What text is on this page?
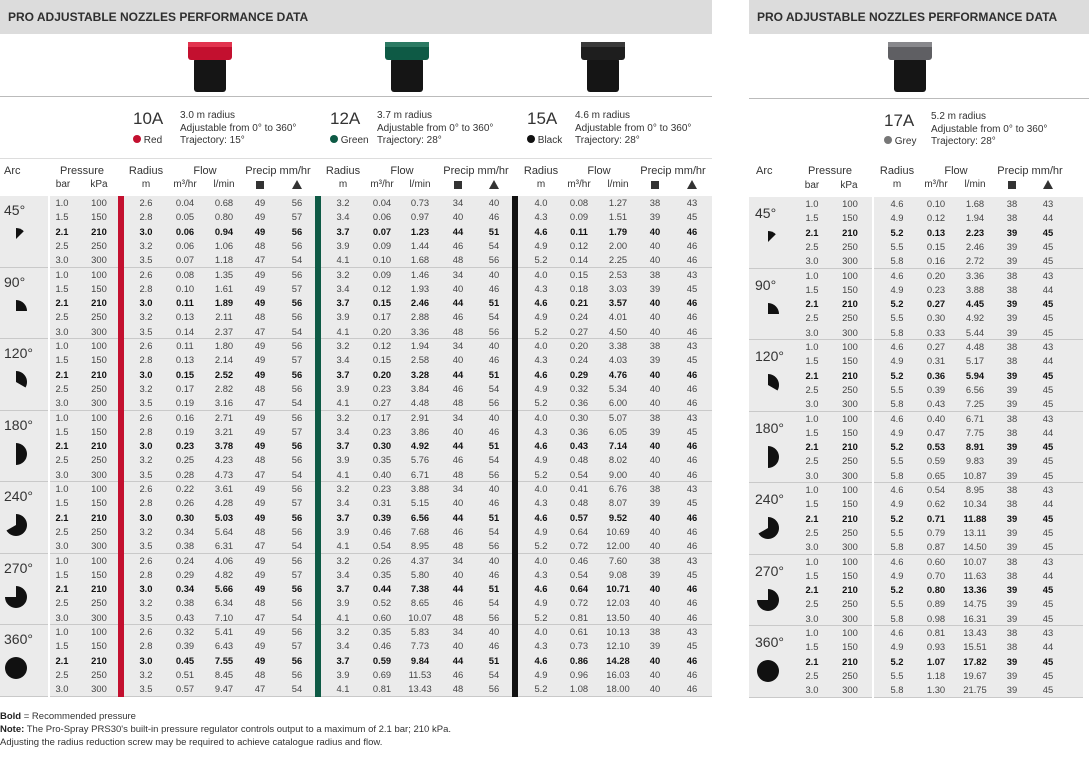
PRO ADJUSTABLE NOZZLES PERFORMANCE DATA	PRO ADJUSTABLE NOZZLES PERFORMANCE DATA
10A
Red
3.0 m radius
Adjustable from 0° to 360°
Trajectory: 15°
12A
Green
3.7 m radius
Adjustable from 0° to 360°
Trajectory: 28°
15A
Black
4.6 m radius
Adjustable from 0° to 360°
Trajectory: 28°
17A
Grey
5.2 m radius
Adjustable from 0° to 360°
Trajectory: 28°
Arc	Pressure
bar	kPa
Radius	Flow	Precip mm/hr
m	m³/hr	l/min
Radius	Flow	Precip mm/hr
m	m³/hr	l/min
Radius	Flow	Precip mm/hr
m	m³/hr	l/min
Radius	Flow	Precip mm/hr
m	m³/hr	l/min
Arc	Pressure
bar	kPa
45°	1.0	100	2.6	0.04	0.68	49	56	3.2	0.04	0.73	34	40	4.0	0.08	1.27	38	43
1.5	150	2.8	0.05	0.80	49	57	3.4	0.06	0.97	40	46	4.3	0.09	1.51	39	45
2.1	210	3.0	0.06	0.94	49	56	3.7	0.07	1.23	44	51	4.6	0.11	1.79	40	46
2.5	250	3.2	0.06	1.06	48	56	3.9	0.09	1.44	46	54	4.9	0.12	2.00	40	46
3.0	300	3.5	0.07	1.18	47	54	4.1	0.10	1.68	48	56	5.2	0.14	2.25	40	46
90°	1.0	100	2.6	0.08	1.35	49	56	3.2	0.09	1.46	34	40	4.0	0.15	2.53	38	43
1.5	150	2.8	0.10	1.61	49	57	3.4	0.12	1.93	40	46	4.3	0.18	3.03	39	45
2.1	210	3.0	0.11	1.89	49	56	3.7	0.15	2.46	44	51	4.6	0.21	3.57	40	46
2.5	250	3.2	0.13	2.11	48	56	3.9	0.17	2.88	46	54	4.9	0.24	4.01	40	46
3.0	300	3.5	0.14	2.37	47	54	4.1	0.20	3.36	48	56	5.2	0.27	4.50	40	46
120°	1.0	100	2.6	0.11	1.80	49	56	3.2	0.12	1.94	34	40	4.0	0.20	3.38	38	43
1.5	150	2.8	0.13	2.14	49	57	3.4	0.15	2.58	40	46	4.3	0.24	4.03	39	45
2.1	210	3.0	0.15	2.52	49	56	3.7	0.20	3.28	44	51	4.6	0.29	4.76	40	46
2.5	250	3.2	0.17	2.82	48	56	3.9	0.23	3.84	46	54	4.9	0.32	5.34	40	46
3.0	300	3.5	0.19	3.16	47	54	4.1	0.27	4.48	48	56	5.2	0.36	6.00	40	46
180°	1.0	100	2.6	0.16	2.71	49	56	3.2	0.17	2.91	34	40	4.0	0.30	5.07	38	43
1.5	150	2.8	0.19	3.21	49	57	3.4	0.23	3.86	40	46	4.3	0.36	6.05	39	45
2.1	210	3.0	0.23	3.78	49	56	3.7	0.30	4.92	44	51	4.6	0.43	7.14	40	46
2.5	250	3.2	0.25	4.23	48	56	3.9	0.35	5.76	46	54	4.9	0.48	8.02	40	46
3.0	300	3.5	0.28	4.73	47	54	4.1	0.40	6.71	48	56	5.2	0.54	9.00	40	46
240°	1.0	100	2.6	0.22	3.61	49	56	3.2	0.23	3.88	34	40	4.0	0.41	6.76	38	43
1.5	150	2.8	0.26	4.28	49	57	3.4	0.31	5.15	40	46	4.3	0.48	8.07	39	45
2.1	210	3.0	0.30	5.03	49	56	3.7	0.39	6.56	44	51	4.6	0.57	9.52	40	46
2.5	250	3.2	0.34	5.64	48	56	3.9	0.46	7.68	46	54	4.9	0.64	10.69	40	46
3.0	300	3.5	0.38	6.31	47	54	4.1	0.54	8.95	48	56	5.2	0.72	12.00	40	46
270°	1.0	100	2.6	0.24	4.06	49	56	3.2	0.26	4.37	34	40	4.0	0.46	7.60	38	43
1.5	150	2.8	0.29	4.82	49	57	3.4	0.35	5.80	40	46	4.3	0.54	9.08	39	45
2.1	210	3.0	0.34	5.66	49	56	3.7	0.44	7.38	44	51	4.6	0.64	10.71	40	46
2.5	250	3.2	0.38	6.34	48	56	3.9	0.52	8.65	46	54	4.9	0.72	12.03	40	46
3.0	300	3.5	0.43	7.10	47	54	4.1	0.60	10.07	48	56	5.2	0.81	13.50	40	46
360°	1.0	100	2.6	0.32	5.41	49	56	3.2	0.35	5.83	34	40	4.0	0.61	10.13	38	43
1.5	150	2.8	0.39	6.43	49	57	3.4	0.46	7.73	40	46	4.3	0.73	12.10	39	45
2.1	210	3.0	0.45	7.55	49	56	3.7	0.59	9.84	44	51	4.6	0.86	14.28	40	46
2.5	250	3.2	0.51	8.45	48	56	3.9	0.69	11.53	46	54	4.9	0.96	16.03	40	46
3.0	300	3.5	0.57	9.47	47	54	4.1	0.81	13.43	48	56	5.2	1.08	18.00	40	46
45°
1.0	100	4.6	0.10	1.68	38	43
1.5	150	4.9	0.12	1.94	38	44
2.1	210	5.2	0.13	2.23	39	45
2.5	250	5.5	0.15	2.46	39	45
3.0	300	5.8	0.16	2.72	39	45
90°
1.0	100	4.6	0.20	3.36	38	43
1.5	150	4.9	0.23	3.88	38	44
2.1	210	5.2	0.27	4.45	39	45
2.5	250	5.5	0.30	4.92	39	45
3.0	300	5.8	0.33	5.44	39	45
120°
1.0	100	4.6	0.27	4.48	38	43
1.5	150	4.9	0.31	5.17	38	44
2.1	210	5.2	0.36	5.94	39	45
2.5	250	5.5	0.39	6.56	39	45
3.0	300	5.8	0.43	7.25	39	45
180°
1.0	100	4.6	0.40	6.71	38	43
1.5	150	4.9	0.47	7.75	38	44
2.1	210	5.2	0.53	8.91	39	45
2.5	250	5.5	0.59	9.83	39	45
3.0	300	5.8	0.65	10.87	39	45
240°
1.0	100	4.6	0.54	8.95	38	43
1.5	150	4.9	0.62	10.34	38	44
2.1	210	5.2	0.71	11.88	39	45
2.5	250	5.5	0.79	13.11	39	45
3.0	300	5.8	0.87	14.50	39	45
270°
1.0	100	4.6	0.60	10.07	38	43
1.5	150	4.9	0.70	11.63	38	44
2.1	210	5.2	0.80	13.36	39	45
2.5	250	5.5	0.89	14.75	39	45
3.0	300	5.8	0.98	16.31	39	45
360°
1.0	100	4.6	0.81	13.43	38	43
1.5	150	4.9	0.93	15.51	38	44
2.1	210	5.2	1.07	17.82	39	45
2.5	250	5.5	1.18	19.67	39	45
3.0	300	5.8	1.30	21.75	39	45
Bold = Recommended pressure
Note: The Pro-Spray PRS30's built-in pressure regulator controls output to a maximum of 2.1 bar; 210 kPa.
Adjusting the radius reduction screw may be required to achieve catalogue radius and flow.
